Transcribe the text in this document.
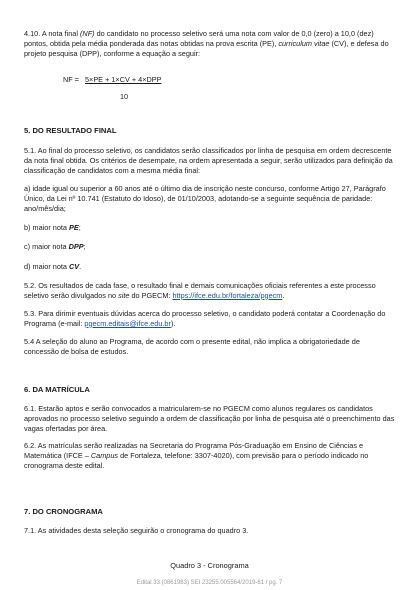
4.10. A nota final (NF) do candidato no processo seletivo será uma nota com valor de 0,0 (zero) a 10,0 (dez) pontos, obtida pela média ponderada das notas obtidas na prova escrita (PE), curriculum vitae (CV), e defesa do projeto pesquisa (DPP), conforme a equação a seguir:

NF = 5×PE + 1×CV + 4×DPP
10
5. DO RESULTADO FINAL
5.1. Ao final do processo seletivo, os candidatos serão classificados por linha de pesquisa em ordem decrescente da nota final obtida. Os critérios de desempate, na ordem apresentada a seguir, serão utilizados para definição da classificação de candidatos com a mesma média final:
a) idade igual ou superior a 60 anos até o último dia de inscrição neste concurso, conforme Artigo 27, Parágrafo Único, da Lei nº 10.741 (Estatuto do Idoso), de 01/10/2003, adotando-se a seguinte sequência de paridade: ano/mês/dia;
b) maior nota PE;
c) maior nota DPP;
d) maior nota CV.
5.2. Os resultados de cada fase, o resultado final e demais comunicações oficiais referentes a este processo seletivo serão divulgados no site do PGECM: https://ifce.edu.br/fortaleza/pgecm.
5.3. Para dirimir eventuais dúvidas acerca do processo seletivo, o candidato poderá contatar a Coordenação do Programa (e-mail: pgecm.editais@ifce.edu.br).
5.4 A seleção do aluno ao Programa, de acordo com o presente edital, não implica a obrigatoriedade de concessão de bolsa de estudos.
6. DA MATRÍCULA
6.1. Estarão aptos e serão convocados a matricularem-se no PGECM como alunos regulares os candidatos aprovados no processo seletivo seguindo a ordem de classificação por linha de pesquisa até o preenchimento das vagas ofertadas por área.
6.2. As matrículas serão realizadas na Secretaria do Programa Pós-Graduação em Ensino de Ciências e Matemática (IFCE – Campus de Fortaleza, telefone: 3307-4020), com previsão para o período indicado no cronograma deste edital.
7. DO CRONOGRAMA
7.1. As atividades desta seleção seguirão o cronograma do quadro 3.
Quadro 3 - Cronograma
Edital 33 (0861983) SEI 23255.005564/2019-61 / pg. 7
